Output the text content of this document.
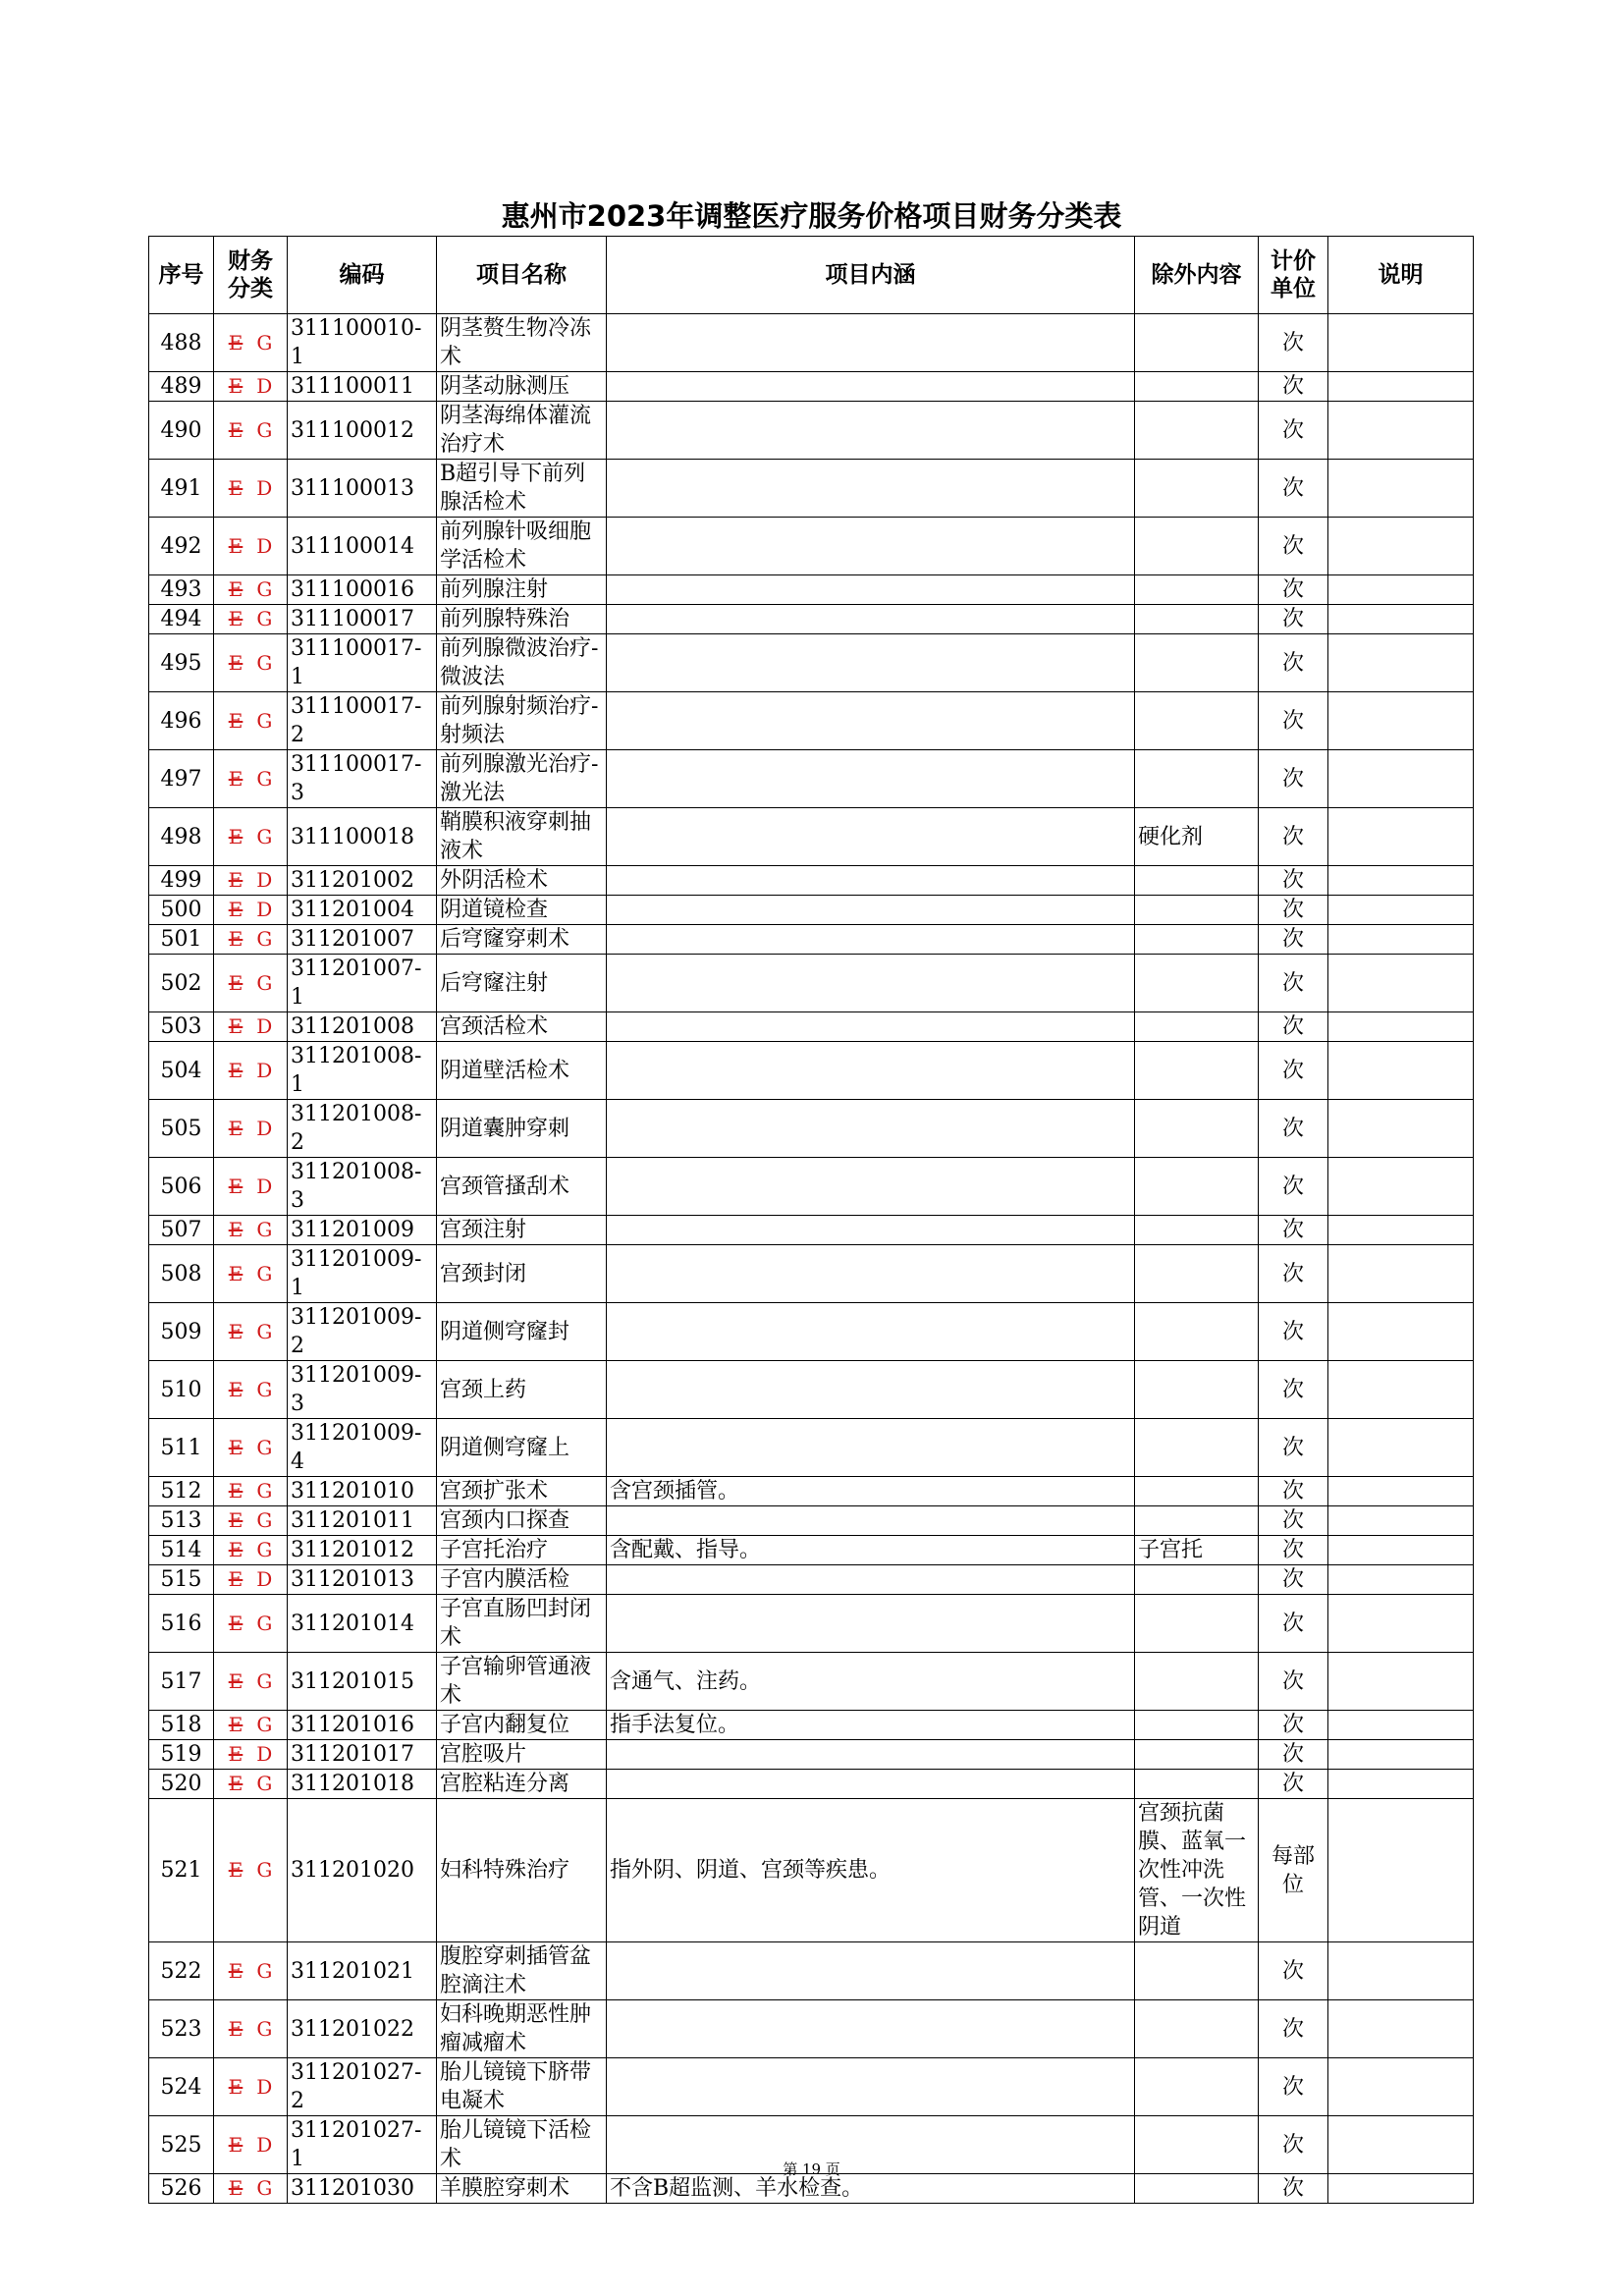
惠州市2023年调整医疗服务价格项目财务分类表
序号	财务分类	编码	项目名称	项目内涵	除外内容	计价单位	说明
488	E G	311100010-1	阴茎赘生物冷冻术			次	
489	E D	311100011	阴茎动脉测压			次	
490	E G	311100012	阴茎海绵体灌流治疗术			次	
491	E D	311100013	B超引导下前列腺活检术			次	
492	E D	311100014	前列腺针吸细胞学活检术			次	
493	E G	311100016	前列腺注射			次	
494	E G	311100017	前列腺特殊治			次	
495	E G	311100017-1	前列腺微波治疗-微波法			次	
496	E G	311100017-2	前列腺射频治疗-射频法			次	
497	E G	311100017-3	前列腺激光治疗-激光法			次	
498	E G	311100018	鞘膜积液穿刺抽液术		硬化剂	次	
499	E D	311201002	外阴活检术			次	
500	E D	311201004	阴道镜检查			次	
501	E G	311201007	后穹窿穿刺术			次	
502	E G	311201007-1	后穹窿注射			次	
503	E D	311201008	宫颈活检术			次	
504	E D	311201008-1	阴道壁活检术			次	
505	E D	311201008-2	阴道囊肿穿刺			次	
506	E D	311201008-3	宫颈管搔刮术			次	
507	E G	311201009	宫颈注射			次	
508	E G	311201009-1	宫颈封闭			次	
509	E G	311201009-2	阴道侧穹窿封			次	
510	E G	311201009-3	宫颈上药			次	
511	E G	311201009-4	阴道侧穹窿上			次	
512	E G	311201010	宫颈扩张术	含宫颈插管。		次	
513	E G	311201011	宫颈内口探查			次	
514	E G	311201012	子宫托治疗	含配戴、指导。	子宫托	次	
515	E D	311201013	子宫内膜活检			次	
516	E G	311201014	子宫直肠凹封闭术			次	
517	E G	311201015	子宫输卵管通液术	含通气、注药。		次	
518	E G	311201016	子宫内翻复位	指手法复位。		次	
519	E D	311201017	宫腔吸片			次	
520	E G	311201018	宫腔粘连分离			次	
521	E G	311201020	妇科特殊治疗	指外阴、阴道、宫颈等疾患。	宫颈抗菌膜、蓝氧一次性冲洗管、一次性阴道	每部位	
522	E G	311201021	腹腔穿刺插管盆腔滴注术			次	
523	E G	311201022	妇科晚期恶性肿瘤减瘤术			次	
524	E D	311201027-2	胎儿镜镜下脐带电凝术			次	
525	E D	311201027-1	胎儿镜镜下活检术			次	
526	E G	311201030	羊膜腔穿刺术	不含B超监测、羊水检查。		次	

第 19 页
